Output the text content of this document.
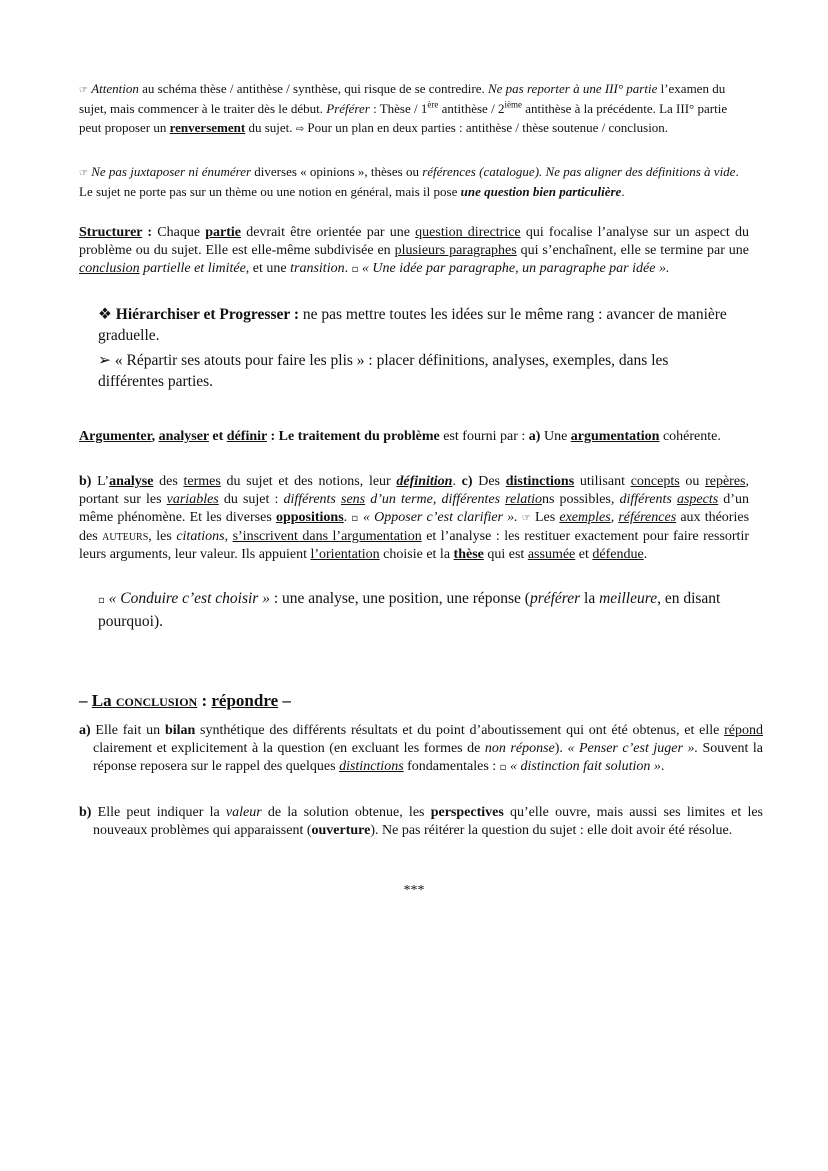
☞ Attention au schéma thèse / antithèse / synthèse, qui risque de se contredire. Ne pas reporter à une III° partie l’examen du sujet, mais commencer à le traiter dès le début. Préférer : Thèse / 1ère antithèse / 2ième antithèse à la précédente. La III° partie peut proposer un renversement du sujet. ⇨ Pour un plan en deux parties : antithèse / thèse soutenue / conclusion.

☞ Ne pas juxtaposer ni énumérer diverses « opinions », thèses ou références (catalogue). Ne pas aligner des définitions à vide. Le sujet ne porte pas sur un thème ou une notion en général, mais il pose une question bien particulière.

Structurer : Chaque partie devrait être orientée par une question directrice qui focalise l’analyse sur un aspect du problème ou du sujet. Elle est elle-même subdivisée en plusieurs paragraphes qui s’enchaînent, elle se termine par une conclusion partielle et limitée, et une transition. ▫ « Une idée par paragraphe, un paragraphe par idée ».

❖ Hiérarchiser et Progresser : ne pas mettre toutes les idées sur le même rang : avancer de manière graduelle.

➢ « Répartir ses atouts pour faire les plis » : placer définitions, analyses, exemples, dans les différentes parties.

Argumenter, analyser et définir : Le traitement du problème est fourni par : a) Une argumentation cohérente.

b) L’analyse des termes du sujet et des notions, leur définition. c) Des distinctions utilisant concepts ou repères, portant sur les variables du sujet : différents sens d’un terme, différentes relations possibles, différents aspects d’un même phénomène. Et les diverses oppositions. ▫ « Opposer c’est clarifier ». ☞ Les exemples, références aux théories des auteurs, les citations, s’inscrivent dans l’argumentation et l’analyse : les restituer exactement pour faire ressortir leurs arguments, leur valeur. Ils appuient l’orientation choisie et la thèse qui est assumée et défendue.

▫ « Conduire c’est choisir » : une analyse, une position, une réponse (préférer la meilleure, en disant pourquoi).

– La conclusion : répondre –

a) Elle fait un bilan synthétique des différents résultats et du point d’aboutissement qui ont été obtenus, et elle répond clairement et explicitement à la question (en excluant les formes de non réponse). « Penser c’est juger ». Souvent la réponse reposera sur le rappel des quelques distinctions fondamentales : ▫ « distinction fait solution ».

b) Elle peut indiquer la valeur de la solution obtenue, les perspectives qu’elle ouvre, mais aussi ses limites et les nouveaux problèmes qui apparaissent (ouverture). Ne pas réitérer la question du sujet : elle doit avoir été résolue.

***
